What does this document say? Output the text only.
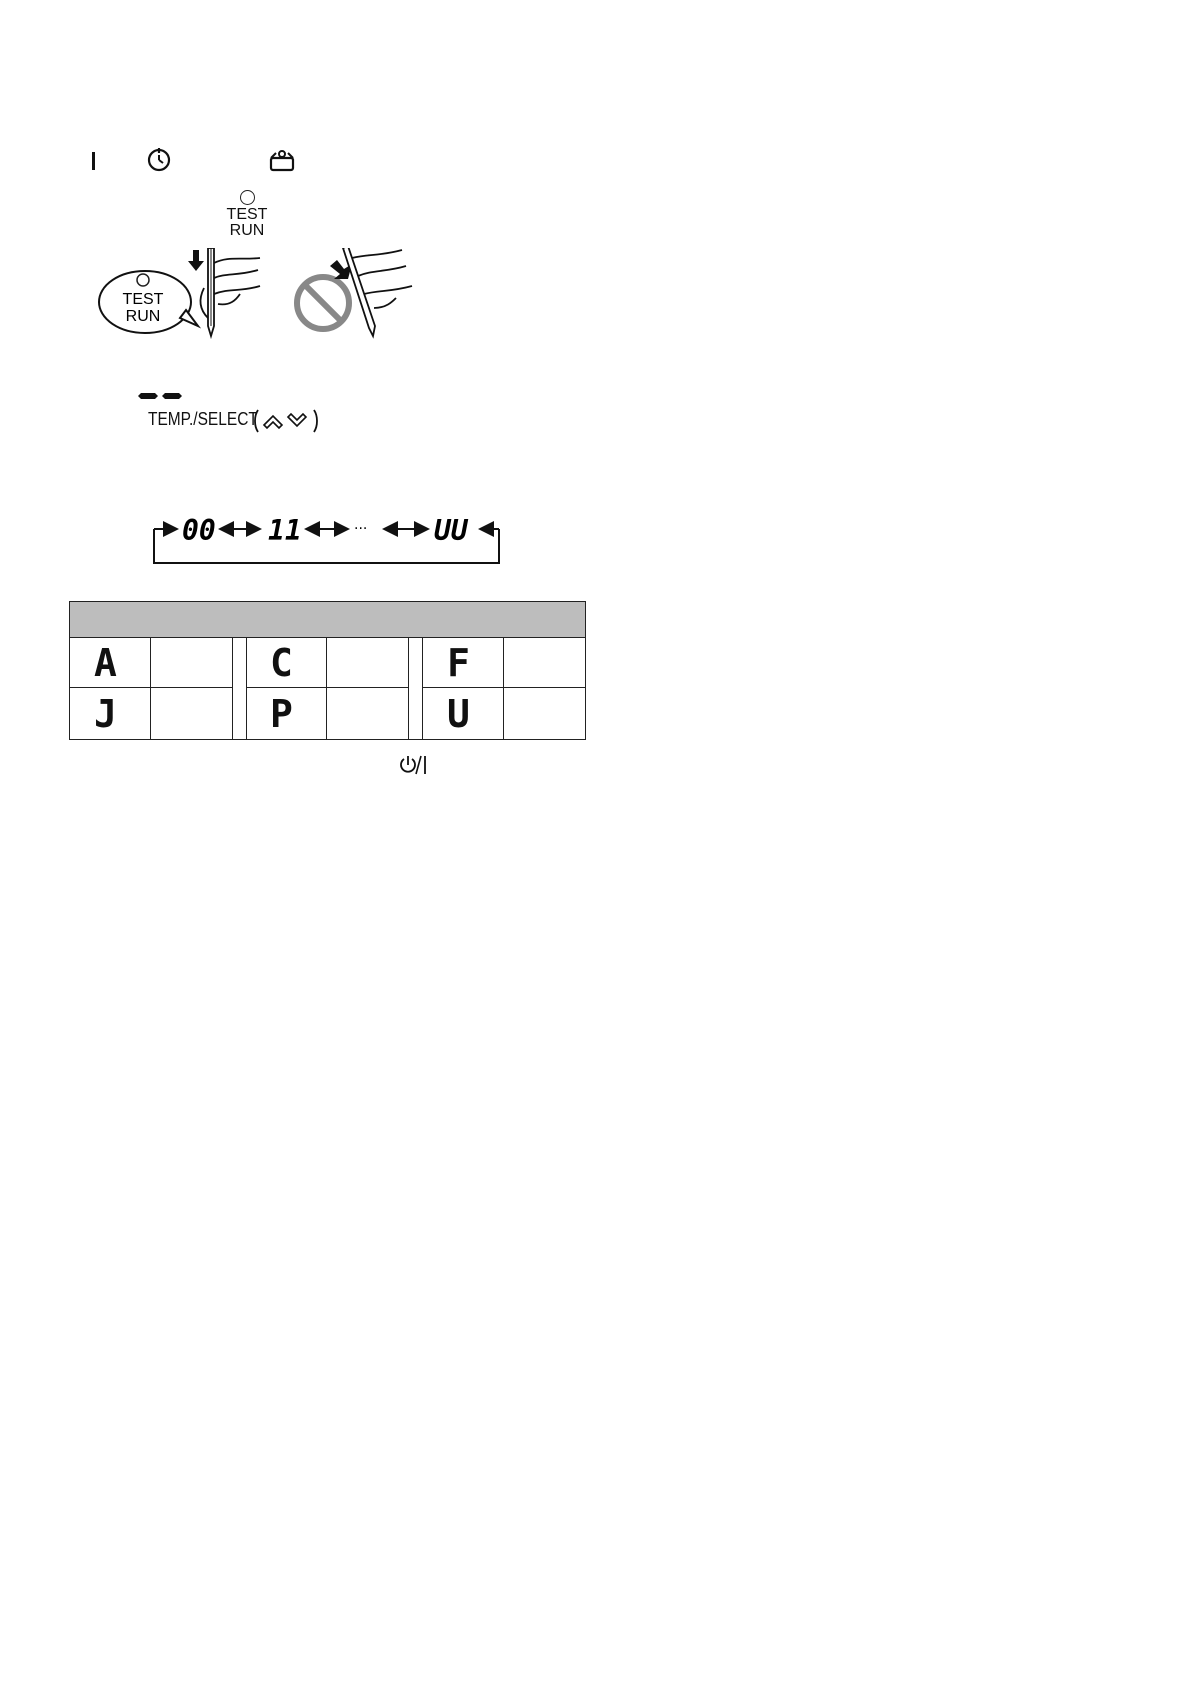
TEST
RUN
TEST
RUN
TEMP./SELECT
00 11	··· UU
A	C	F
J	P	U
